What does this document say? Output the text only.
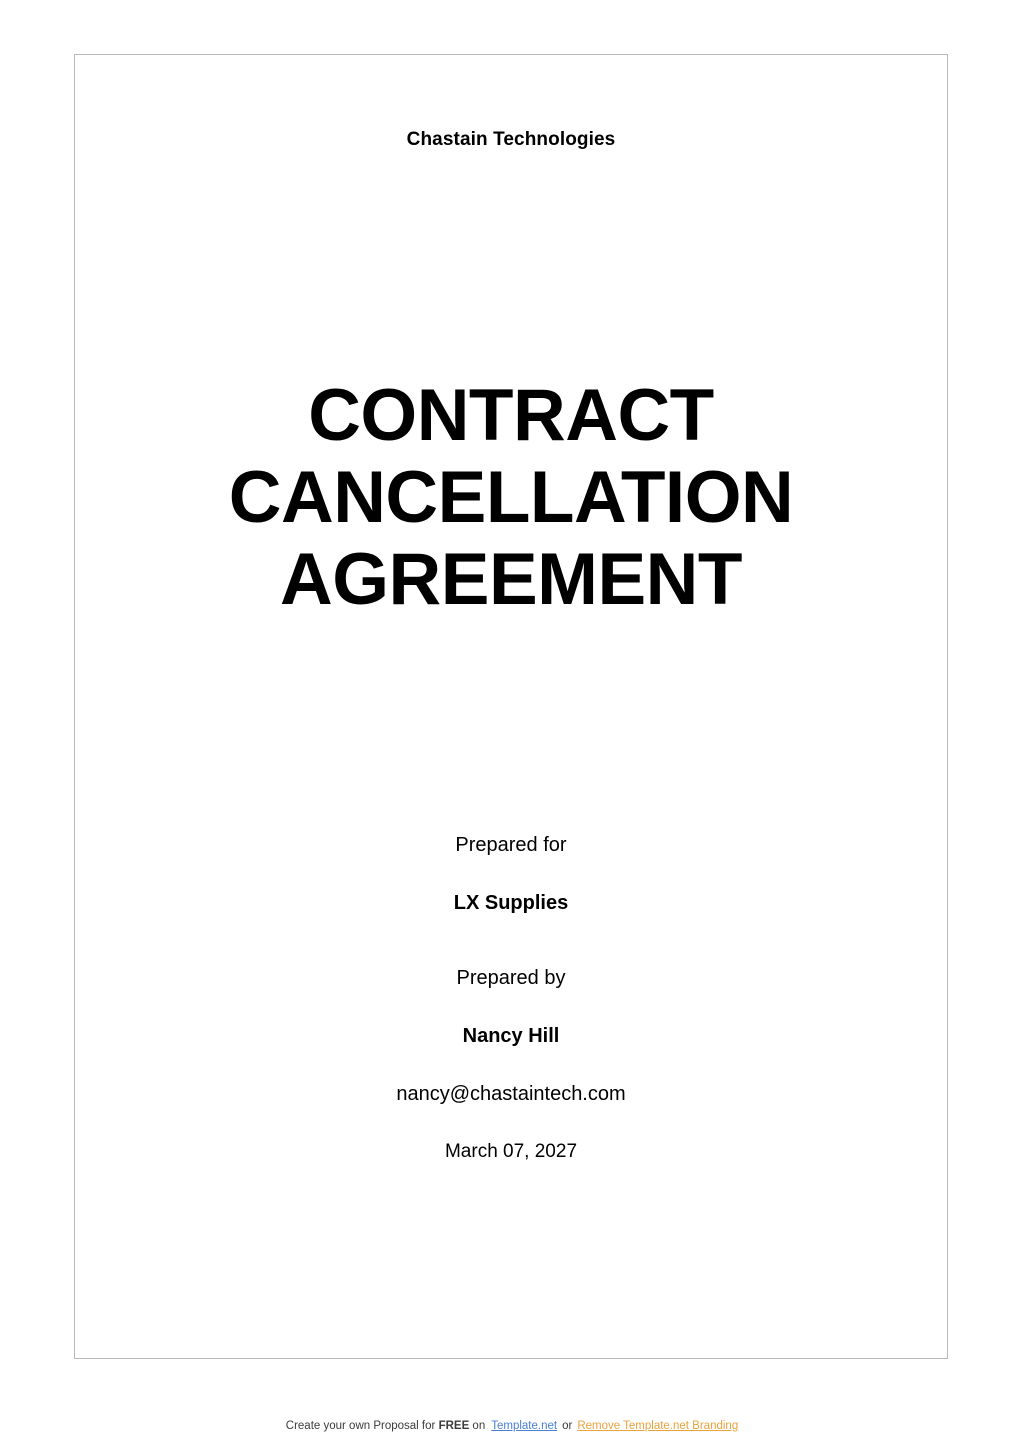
Chastain Technologies
CONTRACT
CANCELLATION
AGREEMENT
Prepared for
LX Supplies
Prepared by
Nancy Hill
nancy@chastaintech.com
March 07, 2027
Create your own Proposal for FREE on Template.net or Remove Template.net Branding
